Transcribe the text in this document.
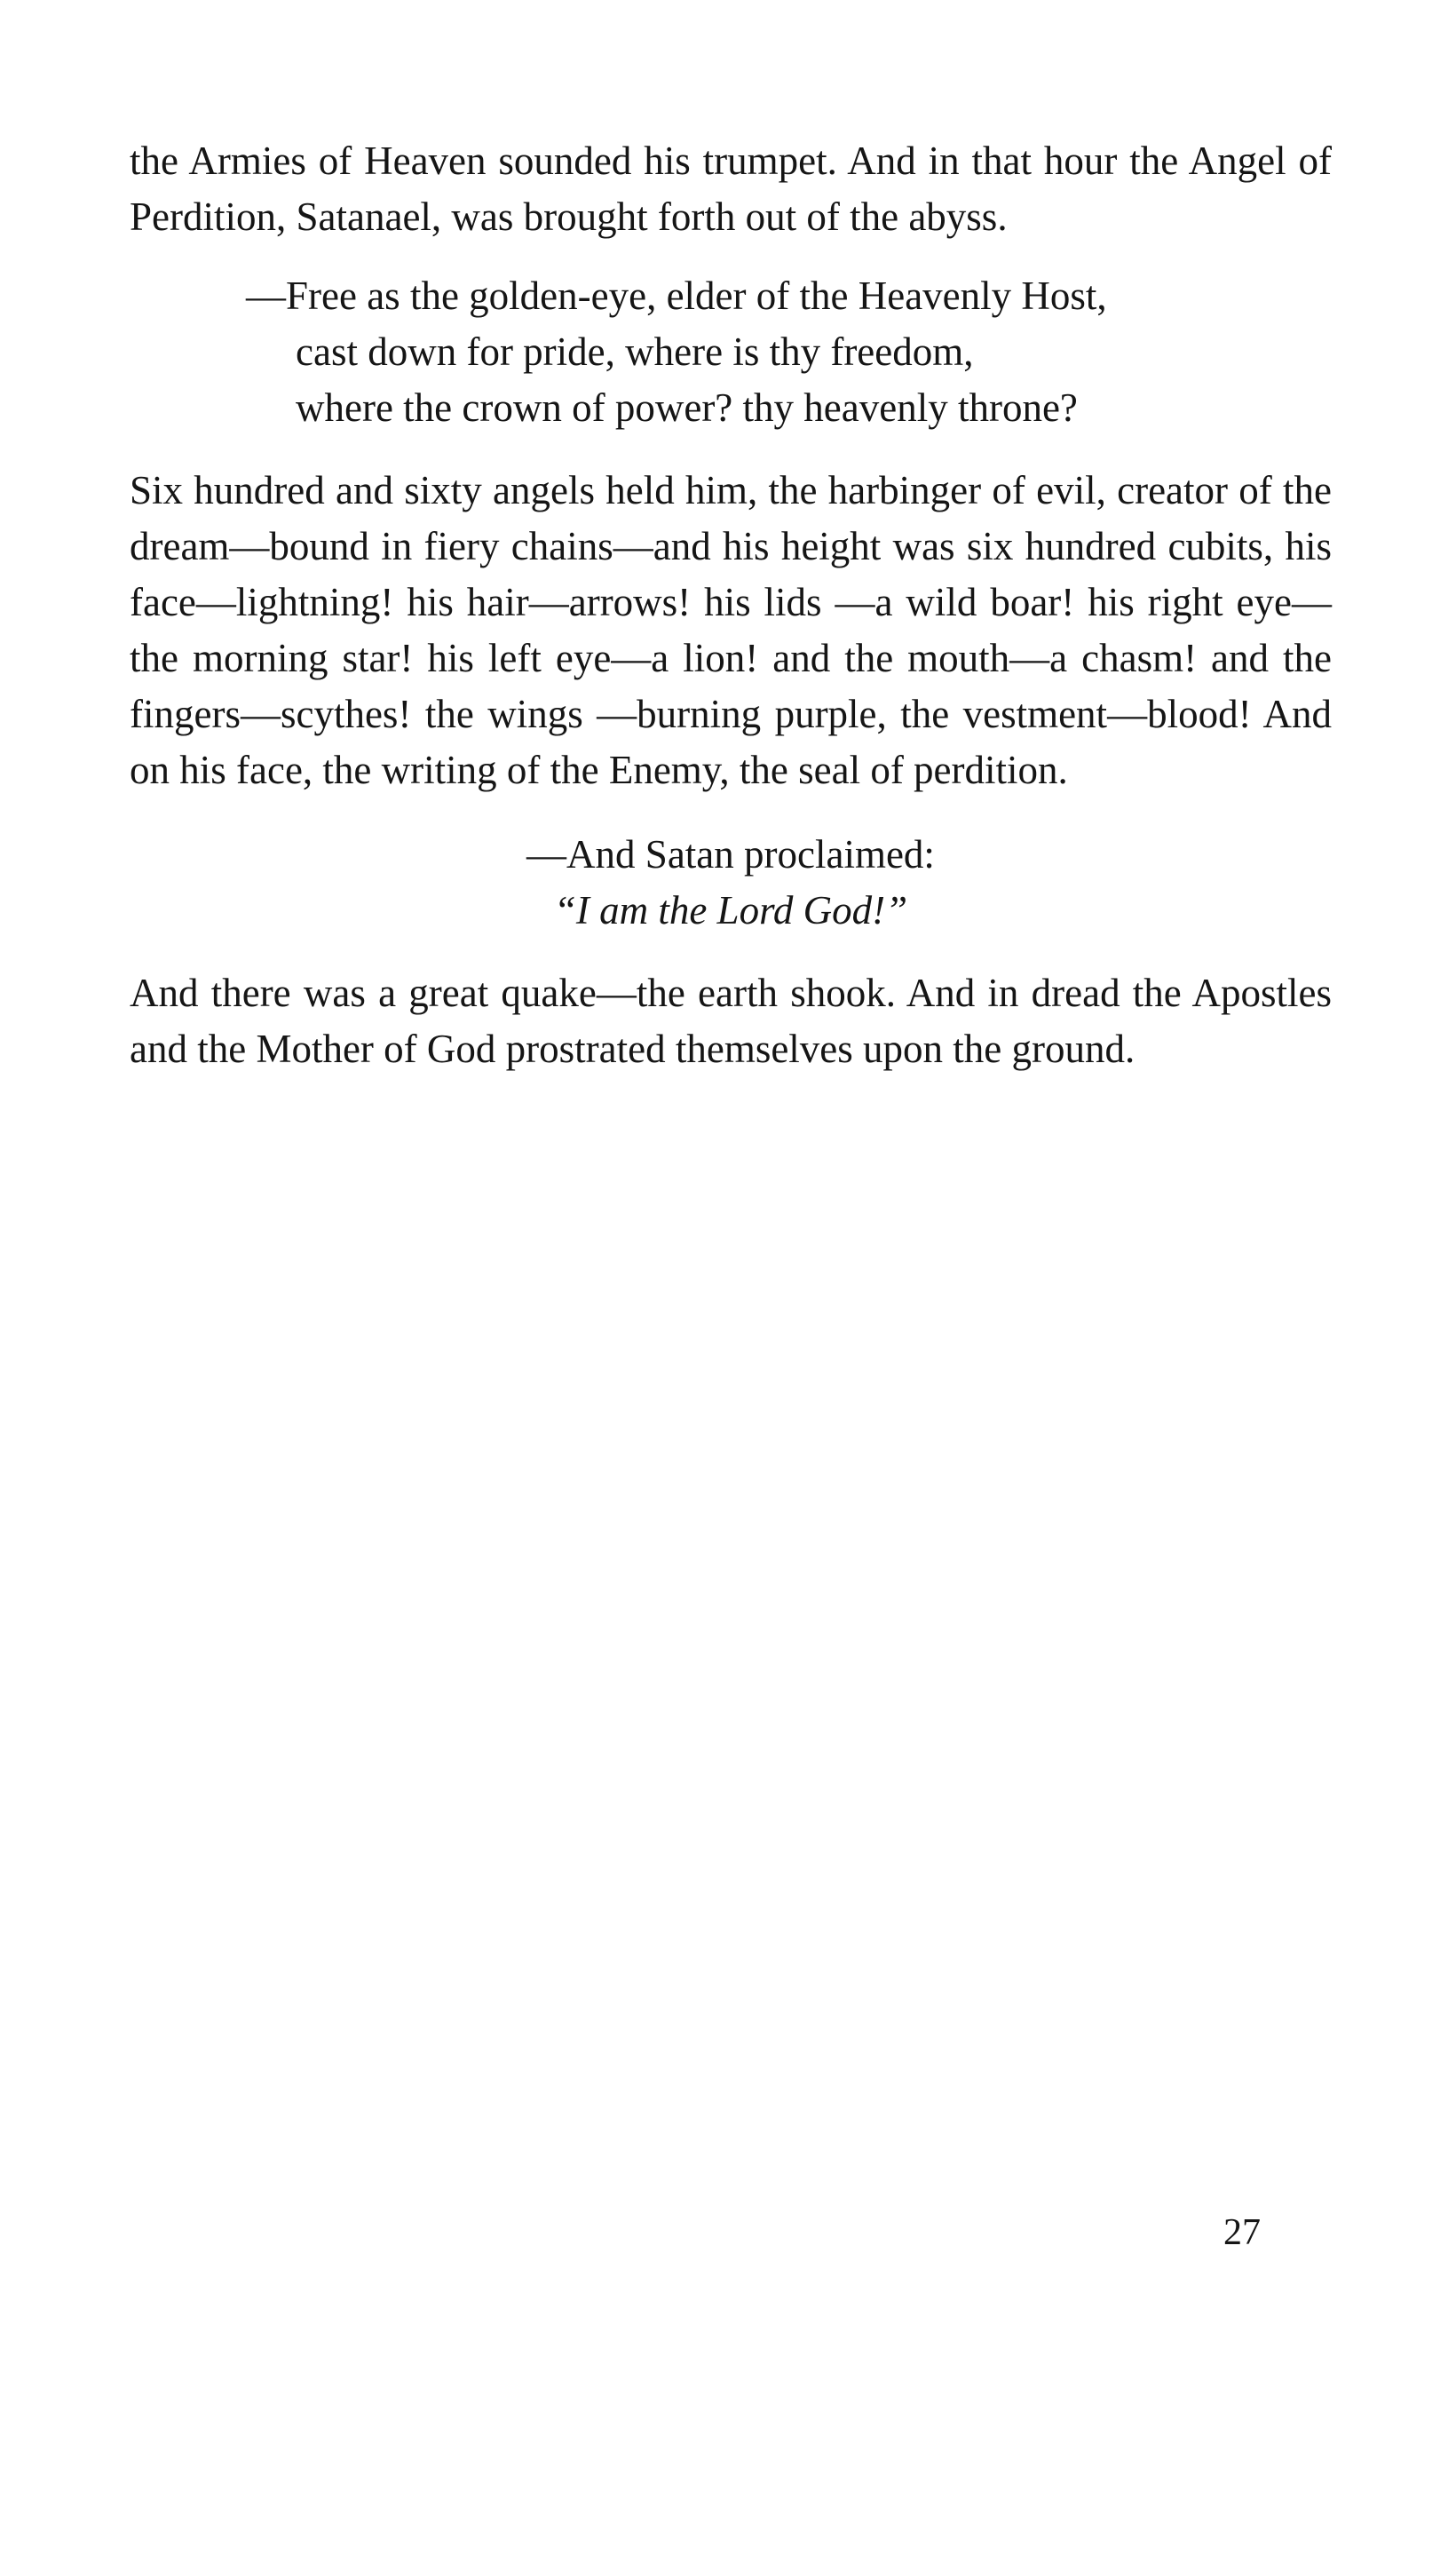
the Armies of Heaven sounded his trumpet. And in that hour the Angel of Perdition, Satanael, was brought forth out of the abyss.

—Free as the golden-eye, elder of the Heavenly Host,
cast down for pride, where is thy freedom,
where the crown of power? thy heavenly throne?

Six hundred and sixty angels held him, the harbinger of evil, creator of the dream—bound in fiery chains—and his height was six hundred cubits, his face—lightning! his hair—arrows! his lids —a wild boar! his right eye—the morning star! his left eye—a lion! and the mouth—a chasm! and the fingers—scythes! the wings —burning purple, the vestment—blood! And on his face, the writing of the Enemy, the seal of perdition.

—And Satan proclaimed:
“I am the Lord God!”

And there was a great quake—the earth shook. And in dread the Apostles and the Mother of God prostrated themselves upon the ground.

27
